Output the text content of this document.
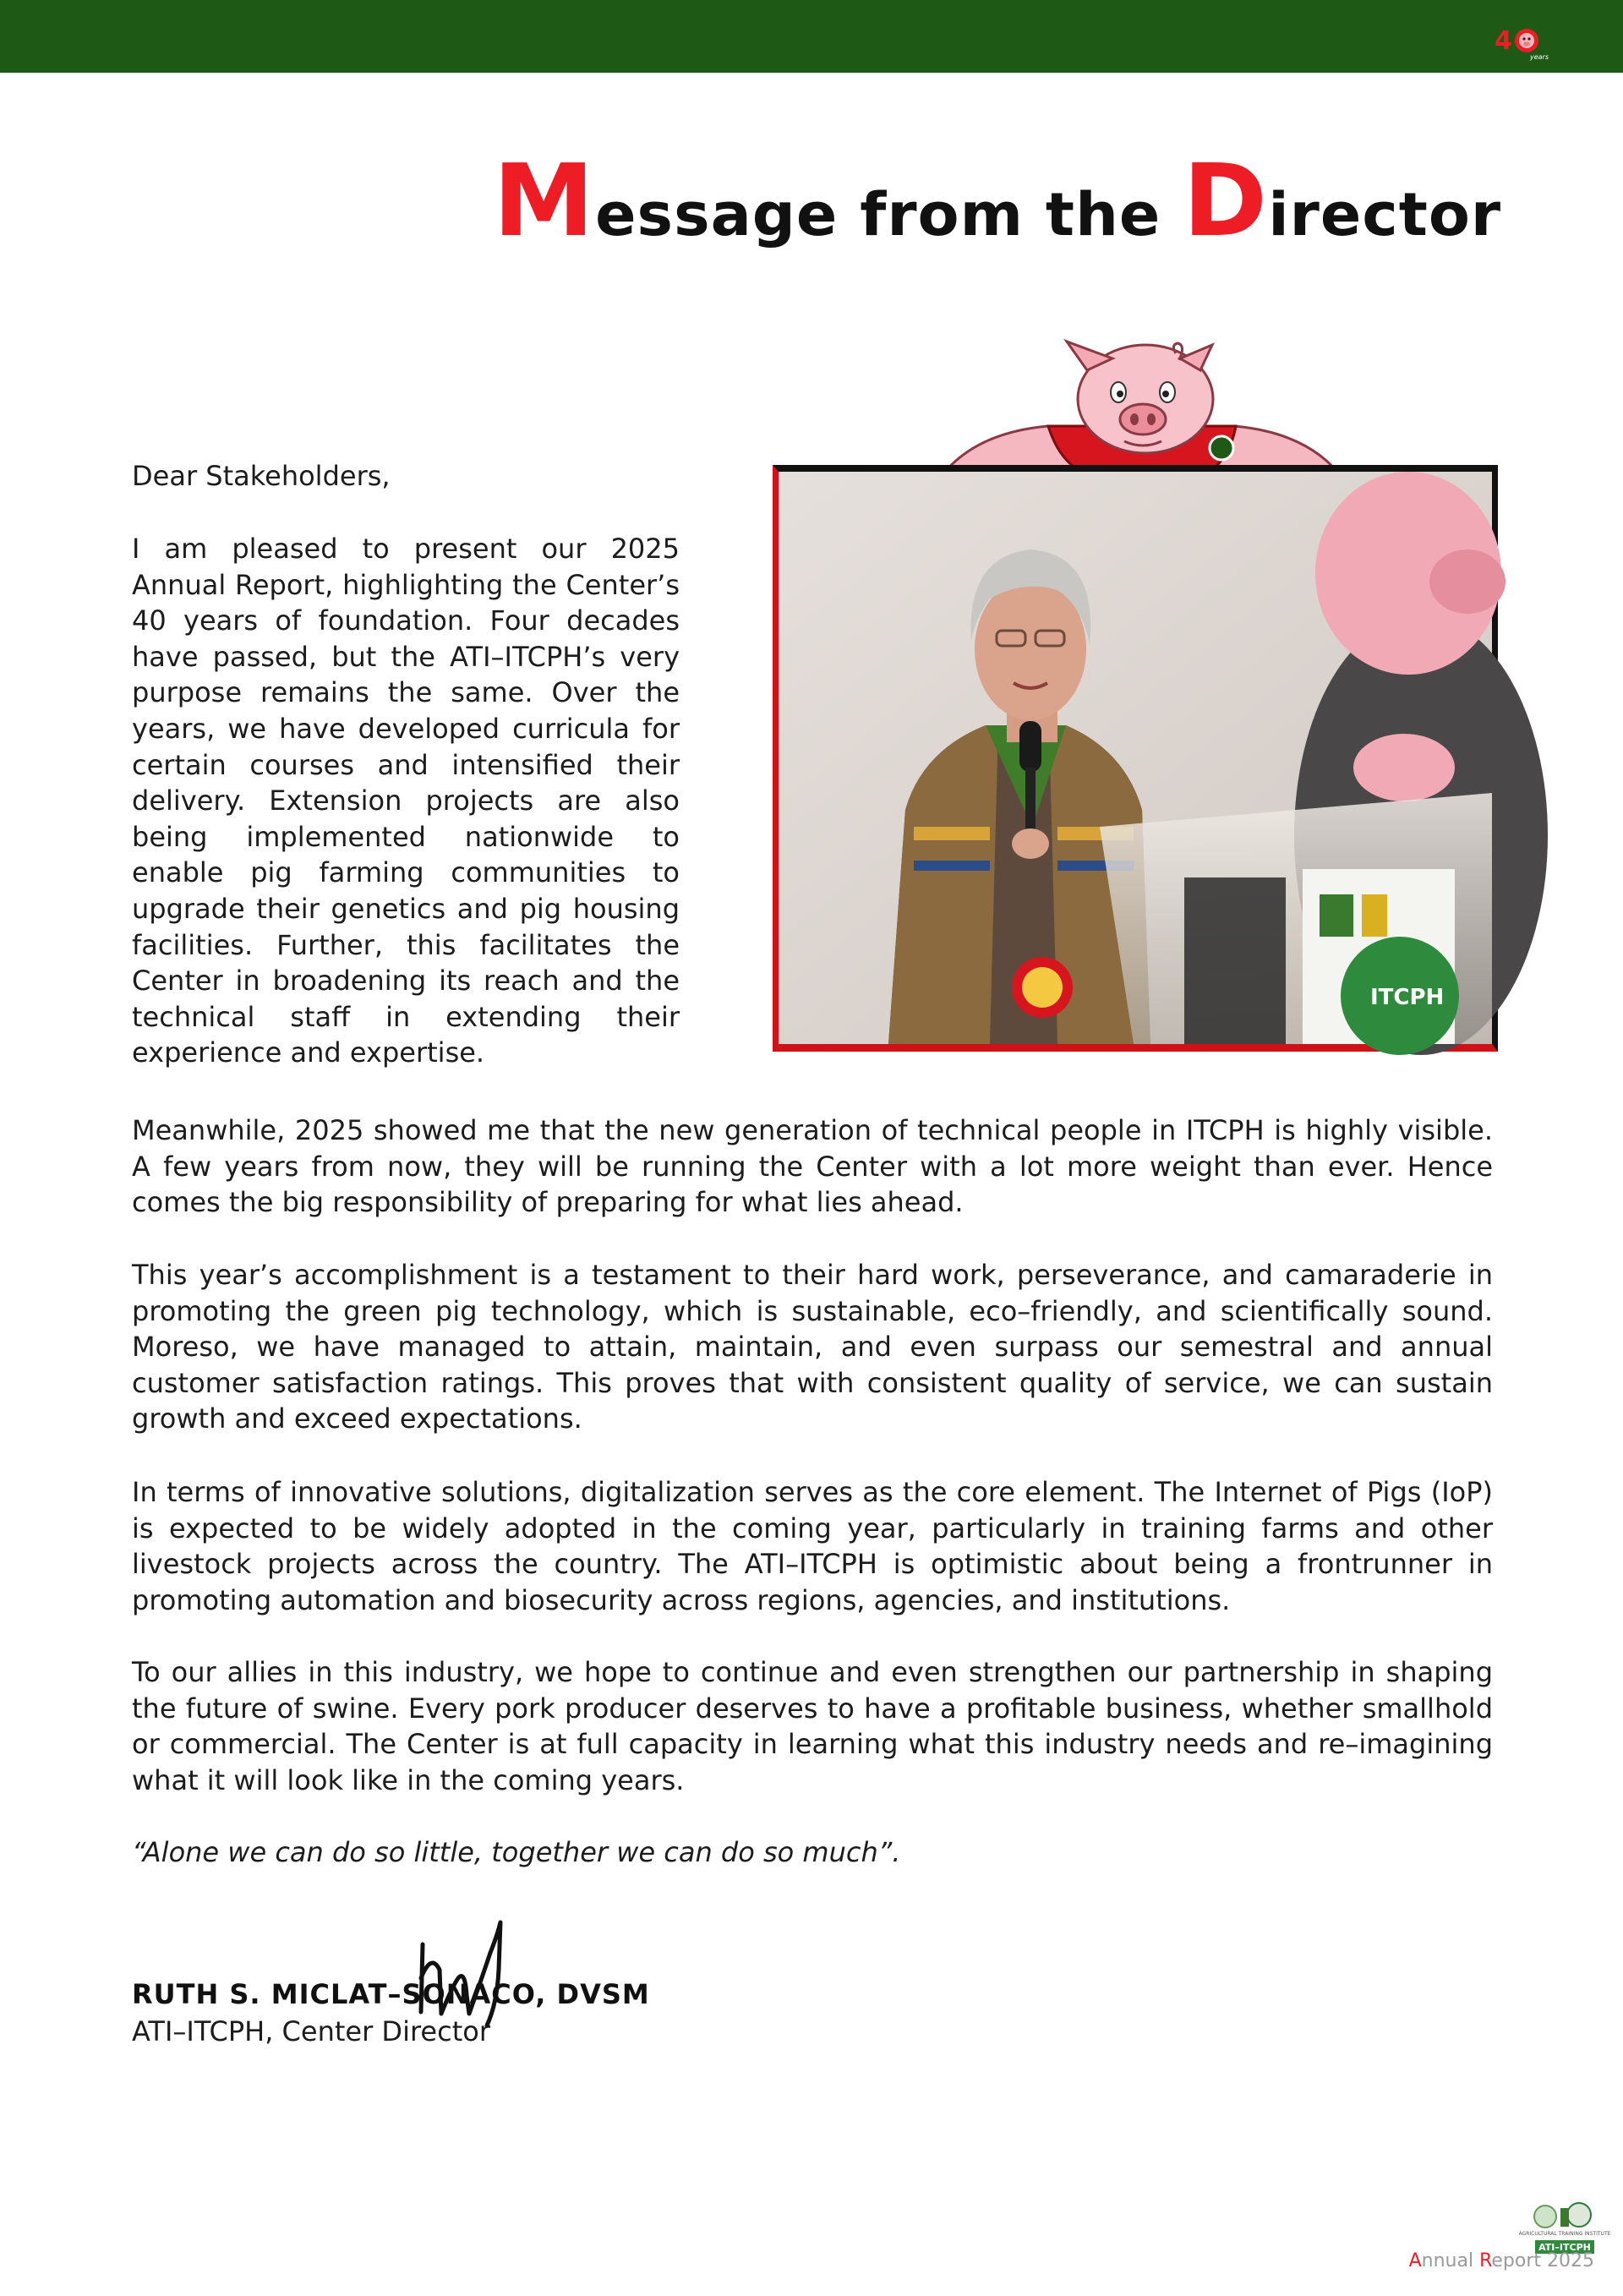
4
years
Message from the Director
ITCPH

Dear Stakeholders,

I am pleased to present our 2025 Annual Report, highlighting the Center’s 40 years of foundation. Four decades have passed, but the ATI–ITCPH’s very purpose remains the same. Over the years, we have developed curricula for certain courses and intensified their delivery. Extension projects are also being implemented nationwide to enable pig farming communities to upgrade their genetics and pig housing facilities. Further, this facilitates the Center in broadening its reach and the technical staff in extending their experience and expertise.

Meanwhile, 2025 showed me that the new generation of technical people in ITCPH is highly visible. A few years from now, they will be running the Center with a lot more weight than ever. Hence comes the big responsibility of preparing for what lies ahead.

This year’s accomplishment is a testament to their hard work, perseverance, and camaraderie in promoting the green pig technology, which is sustainable, eco–friendly, and scientifically sound. Moreso, we have managed to attain, maintain, and even surpass our semestral and annual customer satisfaction ratings. This proves that with consistent quality of service, we can sustain growth and exceed expectations.

In terms of innovative solutions, digitalization serves as the core element. The Internet of Pigs (IoP) is expected to be widely adopted in the coming year, particularly in training farms and other livestock projects across the country. The ATI–ITCPH is optimistic about being a frontrunner in promoting automation and biosecurity across regions, agencies, and institutions.

To our allies in this industry, we hope to continue and even strengthen our partnership in shaping the future of swine. Every pork producer deserves to have a profitable business, whether smallhold or commercial. The Center is at full capacity in learning what this industry needs and re–imagining what it will look like in the coming years.

“Alone we can do so little, together we can do so much”.

RUTH S. MICLAT–SONACO, DVSM

ATI–ITCPH, Center Director

AGRICULTURAL TRAINING INSTITUTE
ATI–ITCPH
Annual Report 2025
